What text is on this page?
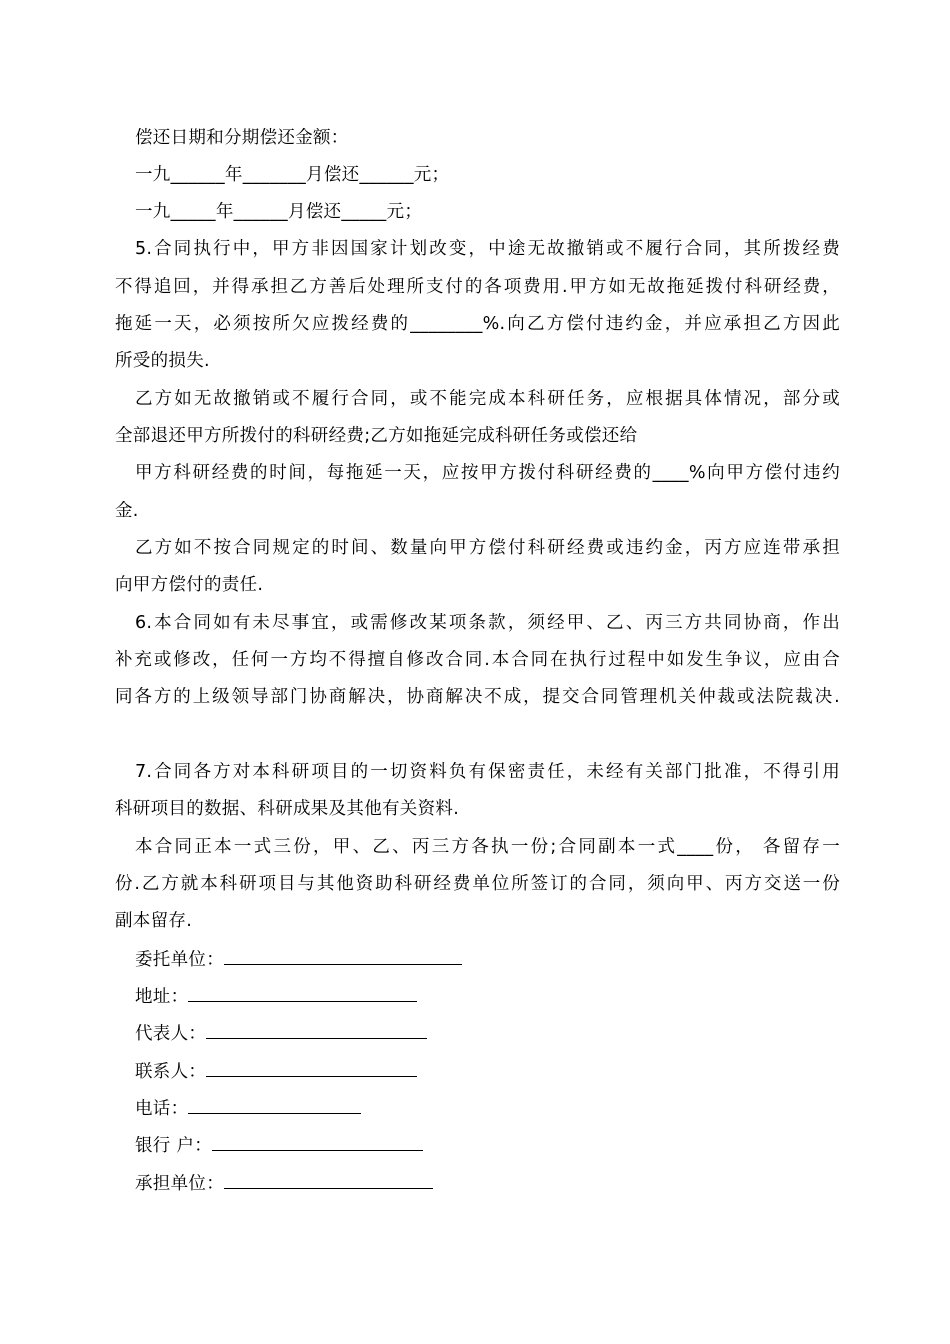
偿还日期和分期偿还金额：
一九______年_______月偿还______元；
一九_____年______月偿还_____元；
5.合同执行中，甲方非因国家计划改变，中途无故撤销或不履行合同，其所拨经费
不得追回，并得承担乙方善后处理所支付的各项费用.甲方如无故拖延拨付科研经费，
拖延一天，必须按所欠应拨经费的________%.向乙方偿付违约金，并应承担乙方因此
所受的损失.
乙方如无故撤销或不履行合同，或不能完成本科研任务，应根据具体情况，部分或
全部退还甲方所拨付的科研经费;乙方如拖延完成科研任务或偿还给
甲方科研经费的时间，每拖延一天，应按甲方拨付科研经费的____%向甲方偿付违约
金.
乙方如不按合同规定的时间、数量向甲方偿付科研经费或违约金，丙方应连带承担
向甲方偿付的责任.
6.本合同如有未尽事宜，或需修改某项条款，须经甲、乙、丙三方共同协商，作出
补充或修改，任何一方均不得擅自修改合同.本合同在执行过程中如发生争议，应由合
同各方的上级领导部门协商解决，协商解决不成，提交合同管理机关仲裁或法院裁决.
7.合同各方对本科研项目的一切资料负有保密责任，未经有关部门批准，不得引用
科研项目的数据、科研成果及其他有关资料.
本合同正本一式三份，甲、乙、丙三方各执一份;合同副本一式____份， 各留存一
份.乙方就本科研项目与其他资助科研经费单位所签订的合同，须向甲、丙方交送一份
副本留存.
委托单位：
地址：
代表人：
联系人：
电话：
银行 户：
承担单位：
